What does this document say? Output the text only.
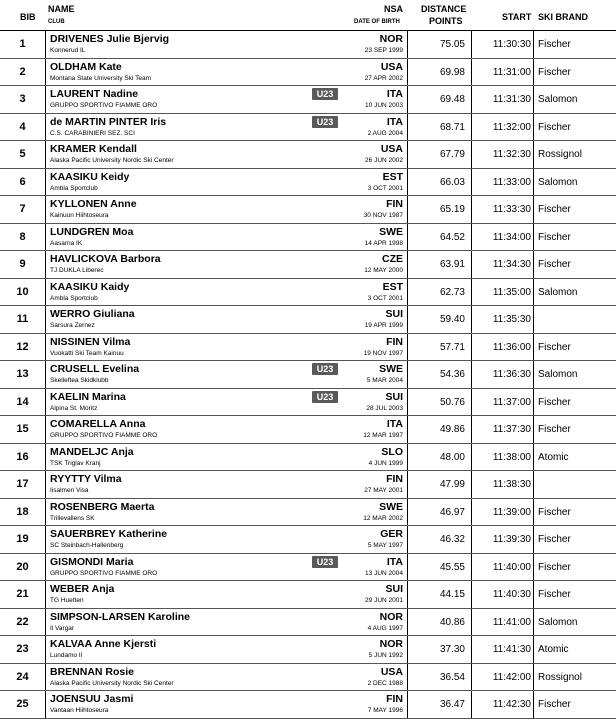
BIB
NAME
CLUB
NSA
DATE OF BIRTH
DISTANCE
POINTS	START SKI BRAND
1	DRIVENES Julie Bjervig
Konnerud IL
NOR
23 SEP 1999
75.05	11:30:30 Fischer
2	OLDHAM Kate
Montana State University Ski Team
USA
27 APR 2002
69.98	11:31:00 Fischer
3	LAURENT Nadine
GRUPPO SPORTIVO FIAMME ORO
U23	ITA
10 JUN 2003
69.48	11:31:30 Salomon
4	de MARTIN PINTER Iris
C.S. CARABINIERI SEZ. SCI
U23	ITA
2 AUG 2004
68.71	11:32:00 Fischer
5	KRAMER Kendall
Alaska Pacific University Nordic Ski Center
USA
26 JUN 2002
67.79	11:32:30 Rossignol
6	KAASIKU Keidy
Ambla Sportclub
EST
3 OCT 2001
66.03	11:33:00 Salomon
7	KYLLONEN Anne
Kainuun Hiihtoseura
FIN
30 NOV 1987
65.19	11:33:30 Fischer
8	LUNDGREN Moa
Aasarna IK
SWE
14 APR 1998
64.52	11:34:00 Fischer
9	HAVLICKOVA Barbora
TJ DUKLA Liberec
CZE
12 MAY 2000
63.91	11:34:30 Fischer
10	KAASIKU Kaidy
Ambla Sportclub
EST
3 OCT 2001
62.73	11:35:00 Salomon
11	WERRO Giuliana
Sarsura Zernez
SUI
19 APR 1999
59.40	11:35:30
12	NISSINEN Vilma
Vuokatti Ski Team Kainuu
FIN
19 NOV 1997
57.71	11:36:00 Fischer
13	CRUSELL Evelina
Skelleftea Skidklubb
U23	SWE
5 MAR 2004
54.36	11:36:30 Salomon
14	KAELIN Marina
Alpina St. Moritz
U23	SUI
28 JUL 2003
50.76	11:37:00 Fischer
15	COMARELLA Anna
GRUPPO SPORTIVO FIAMME ORO
ITA
12 MAR 1997
49.86	11:37:30 Fischer
16	MANDELJC Anja
TSK Triglav Kranj
SLO
4 JUN 1999
48.00	11:38:00 Atomic
17	RYYTTY Vilma
Iisalmen Visa
FIN
27 MAY 2001
47.99	11:38:30
18	ROSENBERG Maerta
Trillevallens SK
SWE
12 MAR 2002
46.97	11:39:00 Fischer
19	SAUERBREY Katherine
SC Steinbach-Hallenberg
GER
5 MAY 1997
46.32	11:39:30 Fischer
20	GISMONDI Maria
GRUPPO SPORTIVO FIAMME ORO
U23	ITA
13 JUN 2004
45.55	11:40:00 Fischer
21	WEBER Anja
TG Huetten
SUI
29 JUN 2001
44.15	11:40:30 Fischer
22	SIMPSON-LARSEN Karoline
Il Vargar
NOR
4 AUG 1997
40.86	11:41:00 Salomon
23	KALVAA Anne Kjersti
Lundamo Il
NOR
5 JUN 1992
37.30	11:41:30 Atomic
24	BRENNAN Rosie
Alaska Pacific University Nordic Ski Center
USA
2 DEC 1988
36.54	11:42:00 Rossignol
25	JOENSUU Jasmi
Vantaan Hiihtoseura
FIN
7 MAY 1996
36.47	11:42:30 Fischer
